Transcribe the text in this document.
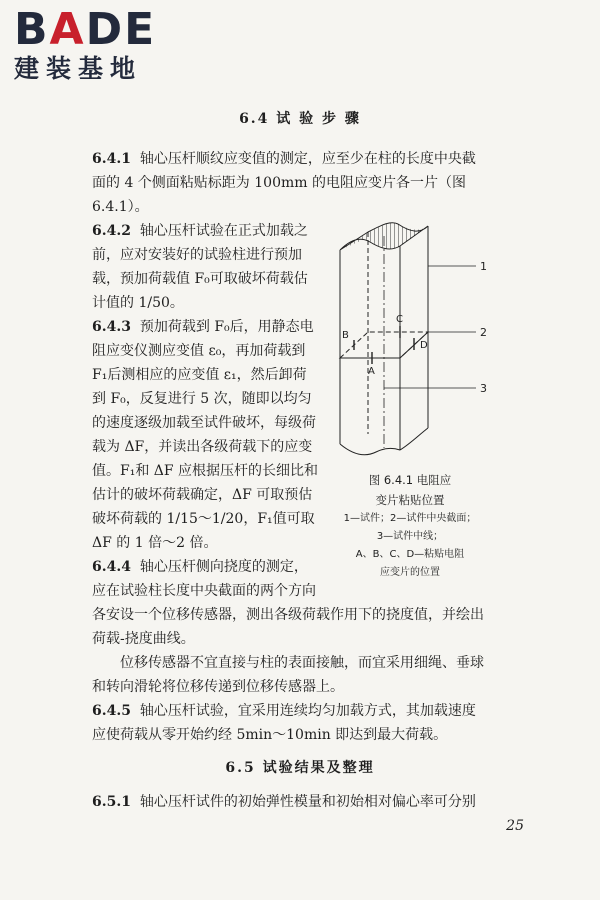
BADE
建装基地
6.4 试 验 步 骤

6.4.1 轴心压杆顺纹应变值的测定，应至少在柱的长度中央截
面的 4 个侧面粘贴标距为 100mm 的电阻应变片各一片（图
6.4.1）。

6.4.2 轴心压杆试验在正式加载之
前，应对安装好的试验柱进行预加
载，预加荷载值 F₀可取破坏荷载估
计值的 1/50。

6.4.3 预加荷载到 F₀后，用静态电
阻应变仪测应变值 ε₀，再加荷载到
F₁后测相应的应变值 ε₁，然后卸荷
到 F₀，反复进行 5 次，随即以均匀
的速度逐级加载至试件破坏，每级荷
载为 ΔF，并读出各级荷载下的应变
值。F₁和 ΔF 应根据压杆的长细比和
估计的破坏荷载确定，ΔF 可取预估
破坏荷载的 1/15～1/20，F₁值可取
ΔF 的 1 倍～2 倍。

6.4.4 轴心压杆侧向挠度的测定，
应在试验柱长度中央截面的两个方向

各安设一个位移传感器，测出各级荷载作用下的挠度值，并绘出
荷载-挠度曲线。

位移传感器不宜直接与柱的表面接触，而宜采用细绳、垂球

和转向滑轮将位移传递到位移传感器上。

6.4.5 轴心压杆试验，宜采用连续均匀加载方式，其加载速度
应使荷载从零开始约经 5min～10min 即达到最大荷载。

6.5 试验结果及整理

6.5.1 轴心压杆试件的初始弹性模量和初始相对偏心率可分别

1
2
3
B
C
D
A
图 6.4.1 电阻应
变片粘贴位置
1—试件；2—试件中央截面；
3—试件中线；
A、B、C、D—粘贴电阻
应变片的位置
25
